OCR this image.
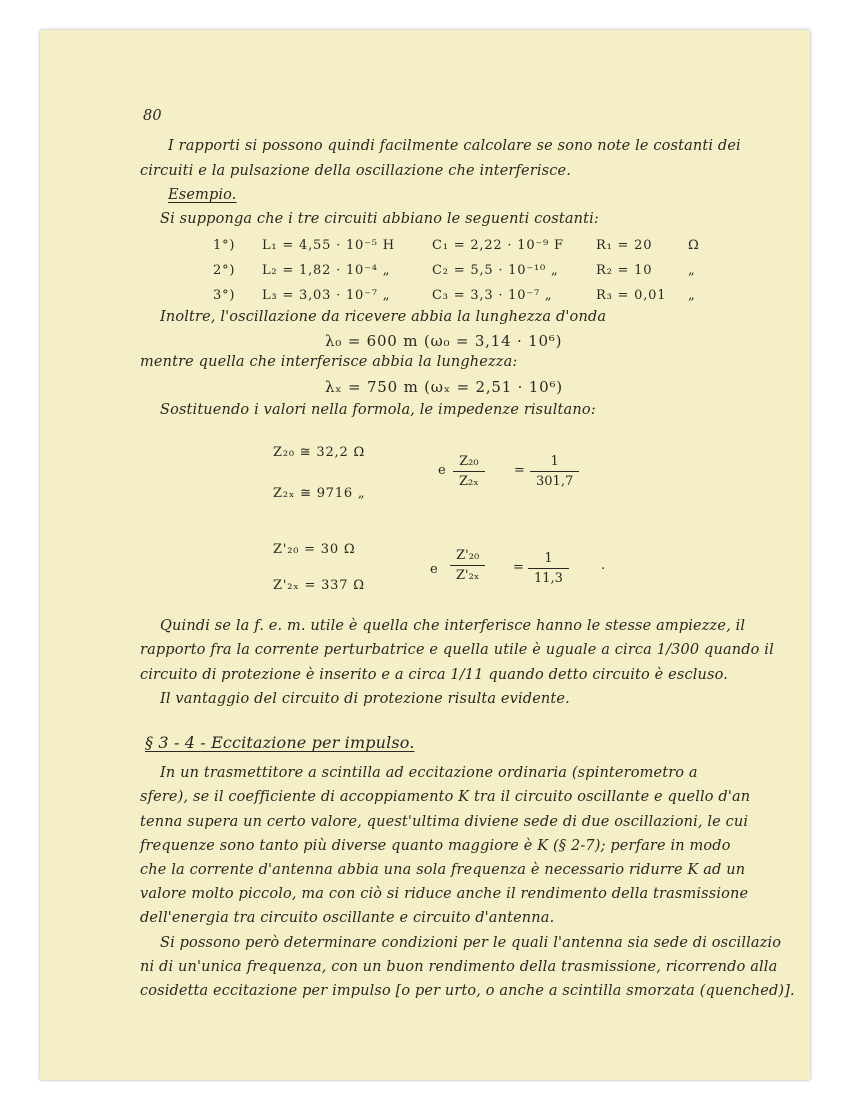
80
I rapporti si possono quindi facilmente calcolare se sono note le costanti dei
circuiti e la pulsazione della oscillazione che interferisce.
Esempio.
Si supponga che i tre circuiti abbiano le seguenti costanti:
1°) L₁ = 4,55 · 10⁻⁵ H	C₁ = 2,22 · 10⁻⁹ F R₁ = 20	Ω
2°) L₂ = 1,82 · 10⁻⁴ „	C₂ = 5,5 · 10⁻¹⁰ „	R₂ = 10	„
3°) L₃ = 3,03 · 10⁻⁷ „	C₃ = 3,3 · 10⁻⁷ „	R₃ = 0,01 „
Inoltre, l'oscillazione da ricevere abbia la lunghezza d'onda
λ₀ = 600 m (ω₀ = 3,14 · 10⁶)
mentre quella che interferisce abbia la lunghezza:
λₓ = 750 m (ωₓ = 2,51 · 10⁶)
Sostituendo i valori nella formola, le impedenze risultano:
Z₂₀ ≅ 32,2 Ω
Z₂ₓ ≅ 9716 „
e $\frac{\text{Z₂₀}}{\text{Z₂ₓ}} = \frac{1}{301,7}$
Z'₂₀ = 30 Ω
Z'₂ₓ = 337 Ω
e $\frac{\text{Z'₂₀}}{\text{Z'₂ₓ}} = \frac{1}{11,3}$ .
Quindi se la f. e. m. utile è quella che interferisce hanno le stesse ampiezze, il
rapporto fra la corrente perturbatrice e quella utile è uguale a circa 1/300 quando il
circuito di protezione è inserito e a circa 1/11 quando detto circuito è escluso.
Il vantaggio del circuito di protezione risulta evidente.
§ 3 - 4 - Eccitazione per impulso.
In un trasmettitore a scintilla ad eccitazione ordinaria (spinterometro a
sfere), se il coefficiente di accoppiamento K tra il circuito oscillante e quello d'an
tenna supera un certo valore, quest'ultima diviene sede di due oscillazioni, le cui
frequenze sono tanto più diverse quanto maggiore è K (§ 2-7); perfare in modo
che la corrente d'antenna abbia una sola frequenza è necessario ridurre K ad un
valore molto piccolo, ma con ciò si riduce anche il rendimento della trasmissione
dell'energia tra circuito oscillante e circuito d'antenna.
Si possono però determinare condizioni per le quali l'antenna sia sede di oscillazio
ni di un'unica frequenza, con un buon rendimento della trasmissione, ricorrendo alla
cosidetta eccitazione per impulso [o per urto, o anche a scintilla smorzata (quenched)].
